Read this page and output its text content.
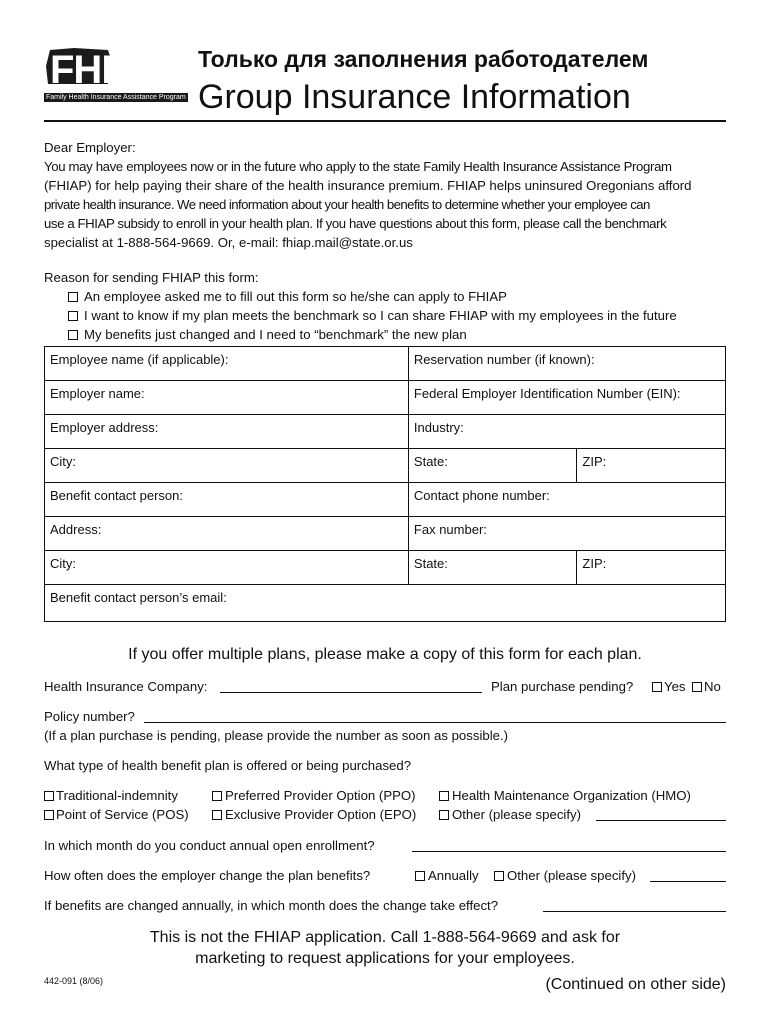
FHIAP
Family Health Insurance Assistance Program
Только для заполнения работодателем
Group Insurance Information
Dear Employer:
You may have employees now or in the future who apply to the state Family Health Insurance Assistance Program
(FHIAP) for help paying their share of the health insurance premium. FHIAP helps uninsured Oregonians afford
private health insurance. We need information about your health benefits to determine whether your employee can
use a FHIAP subsidy to enroll in your health plan. If you have questions about this form, please call the benchmark
specialist at 1-888-564-9669. Or, e-mail: fhiap.mail@state.or.us
Reason for sending FHIAP this form:
An employee asked me to fill out this form so he/she can apply to FHIAP
I want to know if my plan meets the benchmark so I can share FHIAP with my employees in the future
My benefits just changed and I need to “benchmark” the new plan
Employee name (if applicable):	Reservation number (if known):
Employer name:	Federal Employer Identification Number (EIN):
Employer address:	Industry:
City:	State:	ZIP:
Benefit contact person:	Contact phone number:
Address:	Fax number:
City:	State:	ZIP:
Benefit contact person’s email:
If you offer multiple plans, please make a copy of this form for each plan.
Health Insurance Company:	Plan purchase pending?	Yes	No
Policy number?
(If a plan purchase is pending, please provide the number as soon as possible.)
What type of health benefit plan is offered or being purchased?
Traditional-indemnity	Preferred Provider Option (PPO)	Health Maintenance Organization (HMO)
Point of Service (POS)	Exclusive Provider Option (EPO)	Other (please specify)
In which month do you conduct annual open enrollment?
How often does the employer change the plan benefits?	Annually	Other (please specify)
If benefits are changed annually, in which month does the change take effect?
This is not the FHIAP application. Call 1-888-564-9669 and ask for
marketing to request applications for your employees.
442-091 (8/06)	(Continued on other side)
